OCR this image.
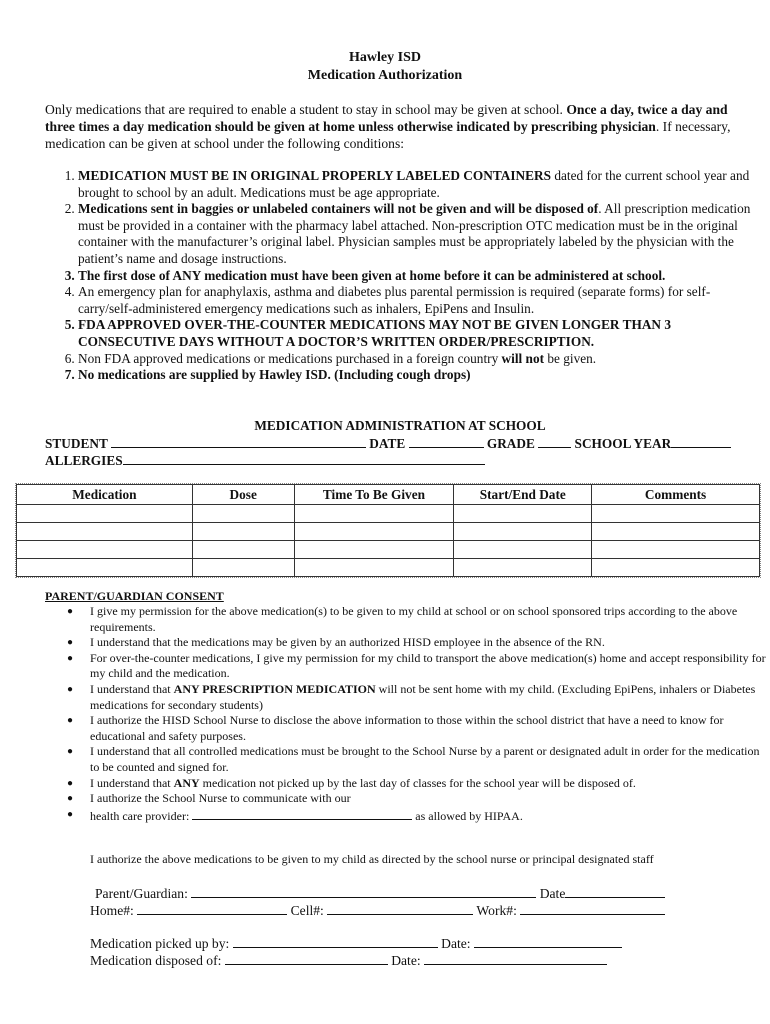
Hawley ISD
Medication Authorization
Only medications that are required to enable a student to stay in school may be given at school. Once a day, twice a day and three times a day medication should be given at home unless otherwise indicated by prescribing physician. If necessary, medication can be given at school under the following conditions:
1. MEDICATION MUST BE IN ORIGINAL PROPERLY LABELED CONTAINERS dated for the current school year and brought to school by an adult. Medications must be age appropriate.
2. Medications sent in baggies or unlabeled containers will not be given and will be disposed of. All prescription medication must be provided in a container with the pharmacy label attached. Non-prescription OTC medication must be in the original container with the manufacturer’s original label. Physician samples must be appropriately labeled by the physician with the patient’s name and dosage instructions.
3. The first dose of ANY medication must have been given at home before it can be administered at school.
4. An emergency plan for anaphylaxis, asthma and diabetes plus parental permission is required (separate forms) for self-carry/self-administered emergency medications such as inhalers, EpiPens and Insulin.
5. FDA APPROVED OVER-THE-COUNTER MEDICATIONS MAY NOT BE GIVEN LONGER THAN 3 CONSECUTIVE DAYS WITHOUT A DOCTOR’S WRITTEN ORDER/PRESCRIPTION.
6. Non FDA approved medications or medications purchased in a foreign country will not be given.
7. No medications are supplied by Hawley ISD. (Including cough drops)
MEDICATION ADMINISTRATION AT SCHOOL
STUDENT	DATE	GRADE	SCHOOL YEAR
ALLERGIES
Medication	Dose	Time To Be Given	Start/End Date	Comments

PARENT/GUARDIAN CONSENT
● I give my permission for the above medication(s) to be given to my child at school or on school sponsored trips according to the above requirements.
● I understand that the medications may be given by an authorized HISD employee in the absence of the RN.
● For over-the-counter medications, I give my permission for my child to transport the above medication(s) home and accept responsibility for my child and the medication.
● I understand that ANY PRESCRIPTION MEDICATION will not be sent home with my child. (Excluding EpiPens, inhalers or Diabetes medications for secondary students)
● I authorize the HISD School Nurse to disclose the above information to those within the school district that have a need to know for educational and safety purposes.
● I understand that all controlled medications must be brought to the School Nurse by a parent or designated adult in order for the medication to be counted and signed for.
● I understand that ANY medication not picked up by the last day of classes for the school year will be disposed of.
● I authorize the School Nurse to communicate with our
● health care provider:	as allowed by HIPAA.
I authorize the above medications to be given to my child as directed by the school nurse or principal designated staff
Parent/Guardian:	Date
Home#:	Cell#:	Work#:
Medication picked up by:	Date:
Medication disposed of:	Date:
